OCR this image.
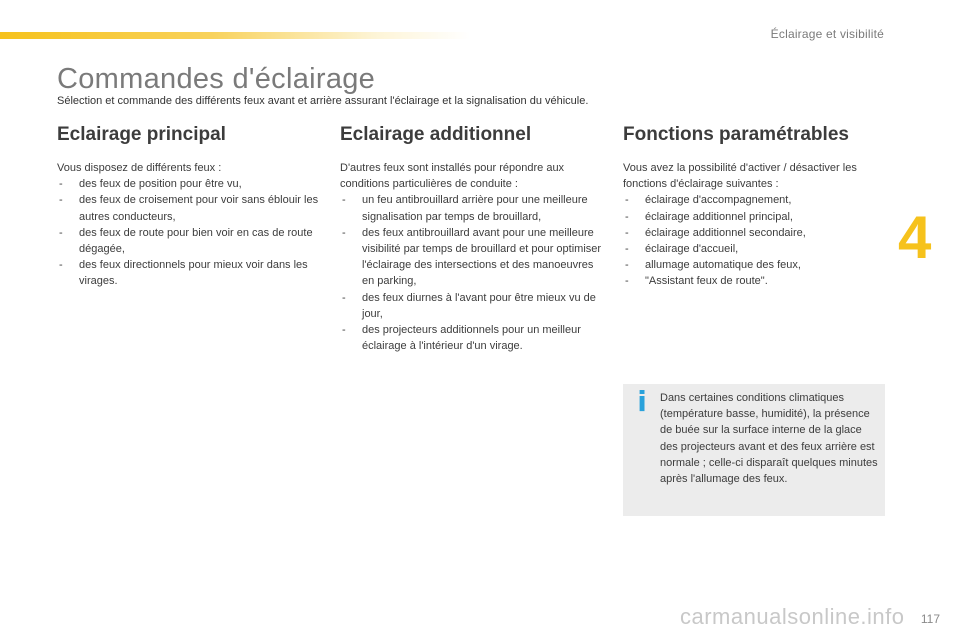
Éclairage et visibilité
4
Commandes d'éclairage

Sélection et commande des différents feux avant et arrière assurant l'éclairage et la signalisation du véhicule.

Eclairage principal

Vous disposez de différents feux :

- des feux de position pour être vu,
- des feux de croisement pour voir sans éblouir les autres conducteurs,
- des feux de route pour bien voir en cas de route dégagée,
- des feux directionnels pour mieux voir dans les virages.
Eclairage additionnel

D'autres feux sont installés pour répondre aux conditions particulières de conduite :

- un feu antibrouillard arrière pour une meilleure signalisation par temps de brouillard,
- des feux antibrouillard avant pour une meilleure visibilité par temps de brouillard et pour optimiser l'éclairage des intersections et des manoeuvres en parking,
- des feux diurnes à l'avant pour être mieux vu de jour,
- des projecteurs additionnels pour un meilleur éclairage à l'intérieur d'un virage.
Fonctions paramétrables

Vous avez la possibilité d'activer / désactiver les fonctions d'éclairage suivantes :

- éclairage d'accompagnement,
- éclairage additionnel principal,
- éclairage additionnel secondaire,
- éclairage d'accueil,
- allumage automatique des feux,
- "Assistant feux de route".
i Dans certaines conditions climatiques (température basse, humidité), la présence de buée sur la surface interne de la glace des projecteurs avant et des feux arrière est normale ; celle-ci disparaît quelques minutes après l'allumage des feux.

carmanualsonline.info 117
